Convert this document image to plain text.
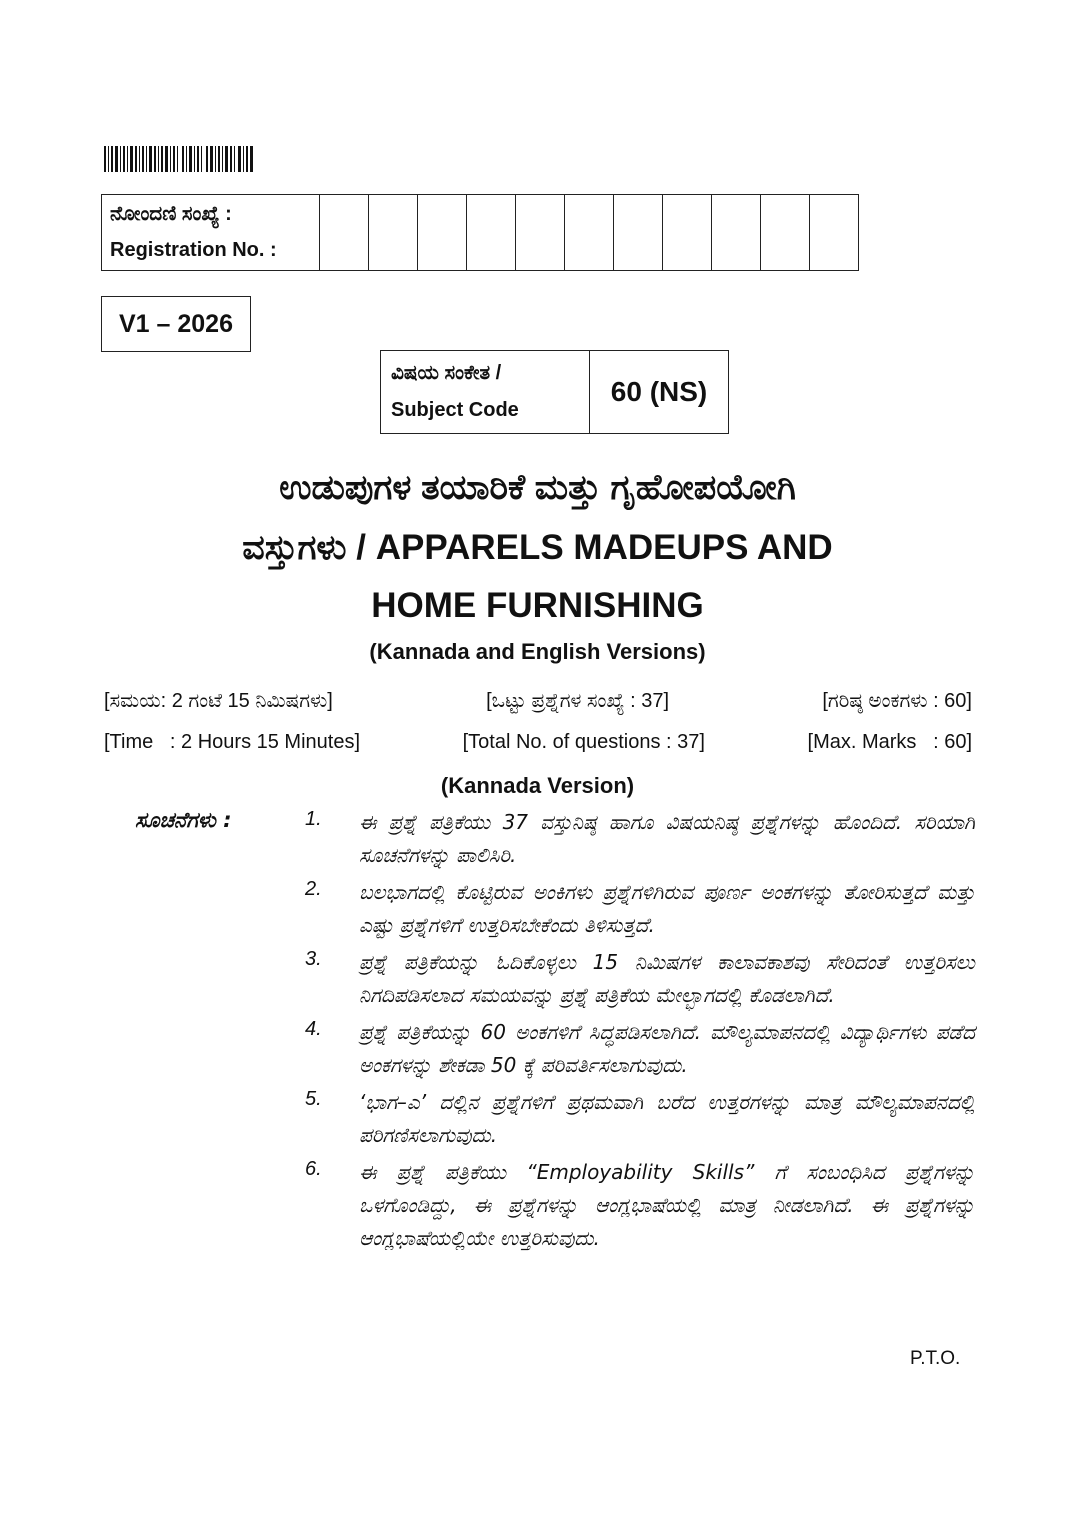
ನೋಂದಣಿ ಸಂಖ್ಯೆ :
Registration No. :
V1 – 2026
ವಿಷಯ ಸಂಕೇತ /
Subject Code
60 (NS)
ಉಡುಪುಗಳ ತಯಾರಿಕೆ ಮತ್ತು ಗೃಹೋಪಯೋಗಿ
ವಸ್ತುಗಳು / APPARELS MADEUPS AND
HOME FURNISHING
(Kannada and English Versions)
[ಸಮಯ: 2 ಗಂಟೆ 15 ನಿಮಿಷಗಳು]	[ಒಟ್ಟು ಪ್ರಶ್ನೆಗಳ ಸಂಖ್ಯೆ : 37]	[ಗರಿಷ್ಠ ಅಂಕಗಳು : 60]
[Time   : 2 Hours 15 Minutes]	[Total No. of questions : 37]	[Max. Marks   : 60]
(Kannada Version)
ಸೂಚನೆಗಳು :	1.	ಈ ಪ್ರಶ್ನೆ ಪತ್ರಿಕೆಯು 37 ವಸ್ತುನಿಷ್ಠ ಹಾಗೂ ವಿಷಯನಿಷ್ಠ ಪ್ರಶ್ನೆಗಳನ್ನು ಹೊಂದಿದೆ. ಸರಿಯಾಗಿ ಸೂಚನೆಗಳನ್ನು ಪಾಲಿಸಿರಿ.
2.	ಬಲಭಾಗದಲ್ಲಿ ಕೊಟ್ಟಿರುವ ಅಂಕಿಗಳು ಪ್ರಶ್ನೆಗಳಿಗಿರುವ ಪೂರ್ಣ ಅಂಕಗಳನ್ನು ತೋರಿಸುತ್ತದೆ ಮತ್ತು ಎಷ್ಟು ಪ್ರಶ್ನೆಗಳಿಗೆ ಉತ್ತರಿಸಬೇಕೆಂದು ತಿಳಿಸುತ್ತದೆ.
3.	ಪ್ರಶ್ನೆ ಪತ್ರಿಕೆಯನ್ನು ಓದಿಕೊಳ್ಳಲು 15 ನಿಮಿಷಗಳ ಕಾಲಾವಕಾಶವು ಸೇರಿದಂತೆ ಉತ್ತರಿಸಲು ನಿಗದಿಪಡಿಸಲಾದ ಸಮಯವನ್ನು ಪ್ರಶ್ನೆ ಪತ್ರಿಕೆಯ ಮೇಲ್ಭಾಗದಲ್ಲಿ ಕೊಡಲಾಗಿದೆ.
4.	ಪ್ರಶ್ನೆ ಪತ್ರಿಕೆಯನ್ನು 60 ಅಂಕಗಳಿಗೆ ಸಿದ್ಧಪಡಿಸಲಾಗಿದೆ. ಮೌಲ್ಯಮಾಪನದಲ್ಲಿ ವಿದ್ಯಾರ್ಥಿಗಳು ಪಡೆದ ಅಂಕಗಳನ್ನು ಶೇಕಡಾ 50 ಕ್ಕೆ ಪರಿವರ್ತಿಸಲಾಗುವುದು.
5.	‘ಭಾಗ–ಎ’ ದಲ್ಲಿನ ಪ್ರಶ್ನೆಗಳಿಗೆ ಪ್ರಥಮವಾಗಿ ಬರೆದ ಉತ್ತರಗಳನ್ನು ಮಾತ್ರ ಮೌಲ್ಯಮಾಪನದಲ್ಲಿ ಪರಿಗಣಿಸಲಾಗುವುದು.
6.	ಈ ಪ್ರಶ್ನೆ ಪತ್ರಿಕೆಯು “Employability Skills” ಗೆ ಸಂಬಂಧಿಸಿದ ಪ್ರಶ್ನೆಗಳನ್ನು ಒಳಗೊಂಡಿದ್ದು, ಈ ಪ್ರಶ್ನೆಗಳನ್ನು ಆಂಗ್ಲಭಾಷೆಯಲ್ಲಿ ಮಾತ್ರ ನೀಡಲಾಗಿದೆ. ಈ ಪ್ರಶ್ನೆಗಳನ್ನು ಆಂಗ್ಲಭಾಷೆಯಲ್ಲಿಯೇ ಉತ್ತರಿಸುವುದು.
P.T.O.
